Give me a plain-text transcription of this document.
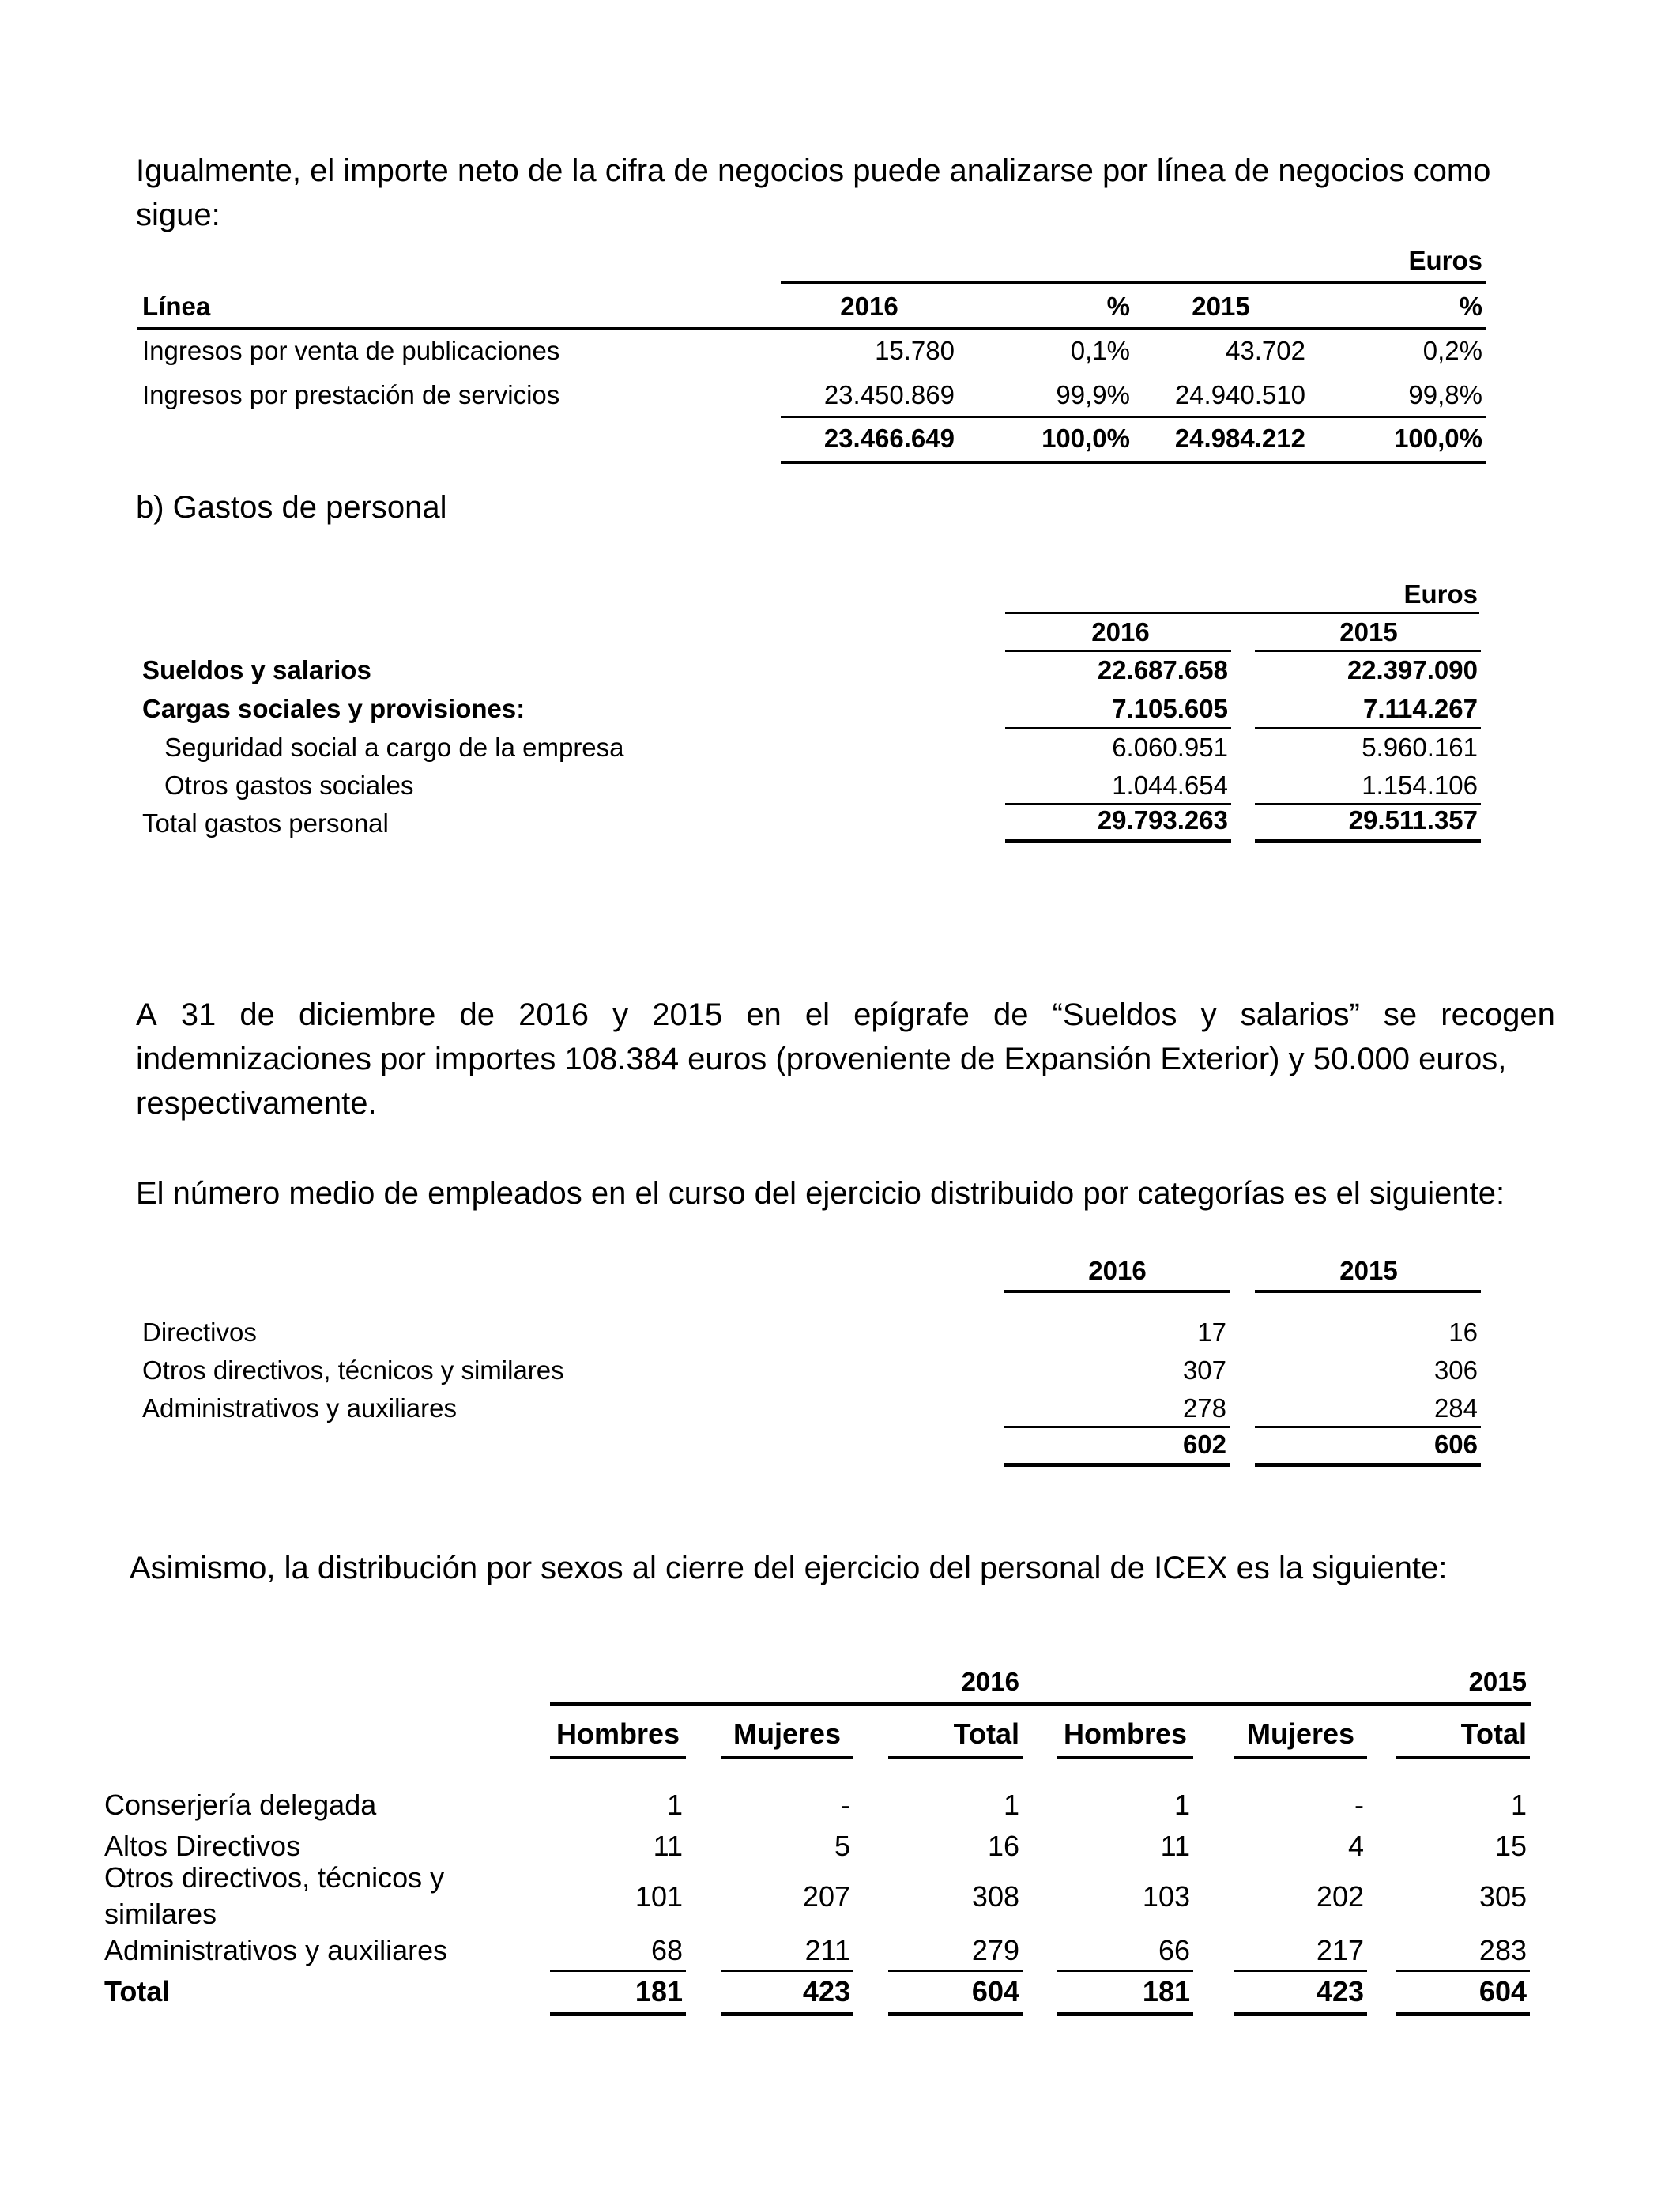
Igualmente, el importe neto de la cifra de negocios puede analizarse por línea de negocios como
sigue:
Euros
Línea	2016	%	2015	%
Ingresos por venta de publicaciones	15.780	0,1%	43.702	0,2%
Ingresos por prestación de servicios	23.450.869	99,9%	24.940.510	99,8%
23.466.649	100,0%	24.984.212	100,0%
b) Gastos de personal
Euros
2016	2015
Sueldos y salarios	22.687.658	22.397.090
Cargas sociales y provisiones:	7.105.605	7.114.267
Seguridad social a cargo de la empresa	6.060.951	5.960.161
Otros gastos sociales	1.044.654	1.154.106
Total gastos personal	29.793.263	29.511.357
A 31 de diciembre de 2016 y 2015 en el epígrafe de “Sueldos y salarios” se recogen
indemnizaciones por importes 108.384 euros (proveniente de Expansión Exterior) y 50.000 euros,
respectivamente.
El número medio de empleados en el curso del ejercicio distribuido por categorías es el siguiente:
2016	2015
Directivos	17	16
Otros directivos, técnicos y similares	307	306
Administrativos y auxiliares	278	284
602	606
Asimismo, la distribución por sexos al cierre del ejercicio del personal de ICEX es la siguiente:
2016	2015
Hombres	Mujeres	Total Hombres	Mujeres	Total
Conserjería delegada	1	-	1	1	-	1
Altos Directivos	11	5	16	11	4	15
Otros directivos, técnicos y
similares
101	207	308	103	202	305
Administrativos y auxiliares	68	211	279	66	217	283
Total	181	423	604	181	423	604
